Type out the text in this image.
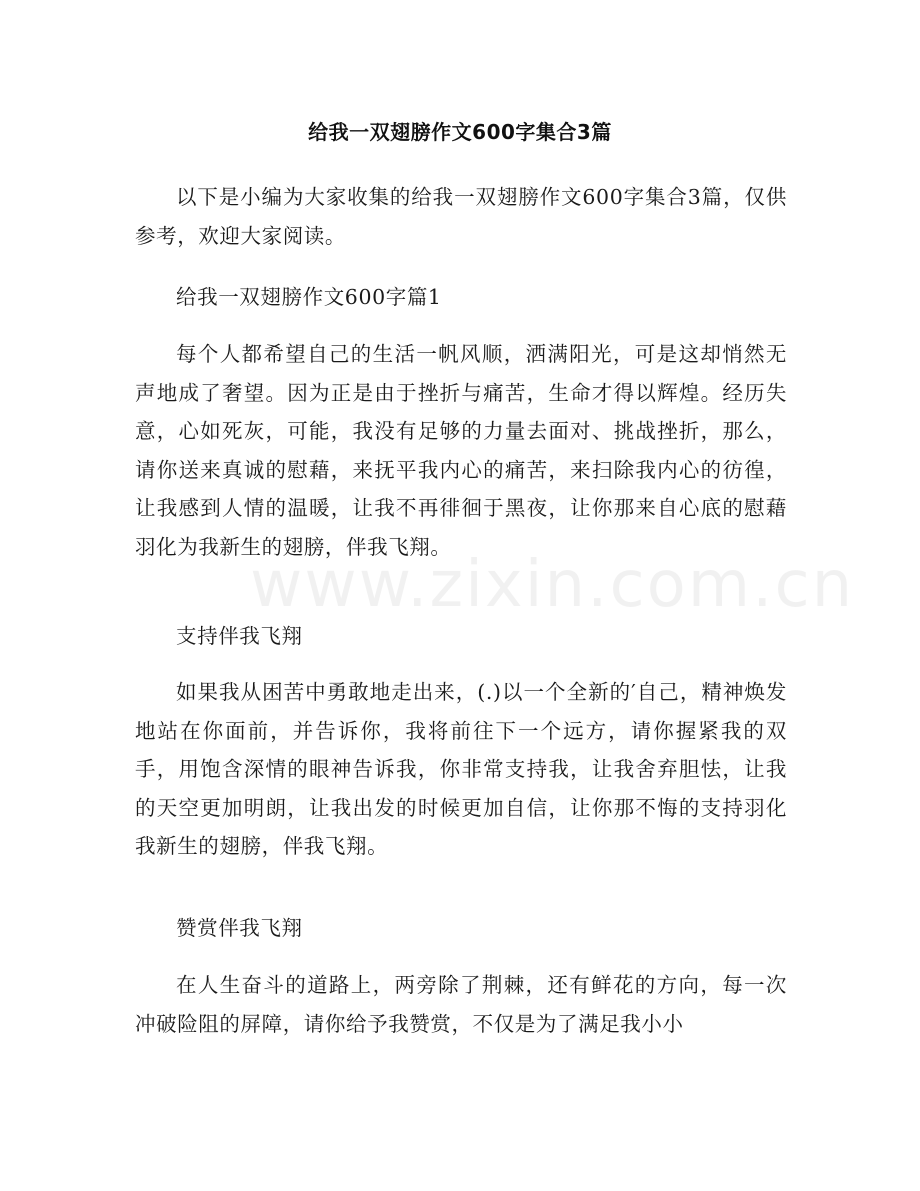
www.zixin.com.cn
给我一双翅膀作文600字集合3篇

以下是小编为大家收集的给我一双翅膀作文600字集合3篇，仅供参考，欢迎大家阅读。

给我一双翅膀作文600字篇1

每个人都希望自己的生活一帆风顺，洒满阳光，可是这却悄然无声地成了奢望。因为正是由于挫折与痛苦，生命才得以辉煌。经历失意，心如死灰，可能，我没有足够的力量去面对、挑战挫折，那么，请你送来真诚的慰藉，来抚平我内心的痛苦，来扫除我内心的彷徨，让我感到人情的温暖，让我不再徘徊于黑夜，让你那来自心底的慰藉羽化为我新生的翅膀，伴我飞翔。

支持伴我飞翔

如果我从困苦中勇敢地走出来，(.)以一个全新的′自己，精神焕发地站在你面前，并告诉你，我将前往下一个远方，请你握紧我的双手，用饱含深情的眼神告诉我，你非常支持我，让我舍弃胆怯，让我的天空更加明朗，让我出发的时候更加自信，让你那不悔的支持羽化我新生的翅膀，伴我飞翔。

赞赏伴我飞翔

在人生奋斗的道路上，两旁除了荆棘，还有鲜花的方向，每一次冲破险阻的屏障，请你给予我赞赏，不仅是为了满足我小小
